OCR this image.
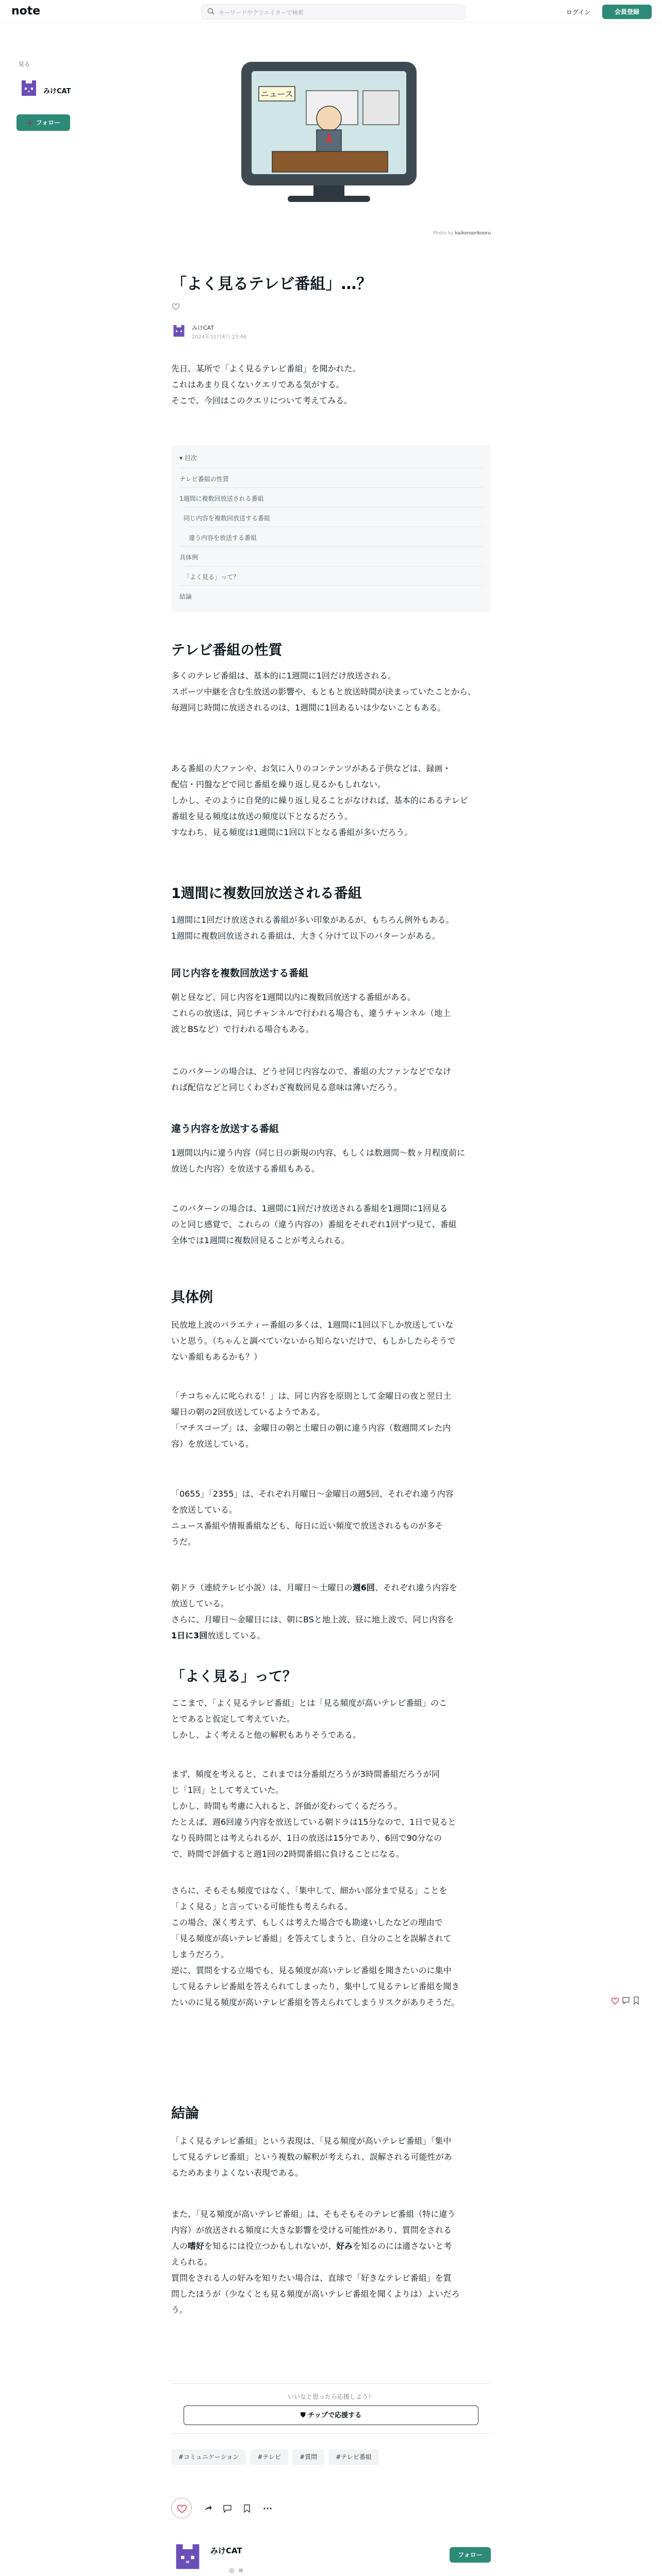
note	キーワードやクリエイターで検索	ログイン	会員登録
見る
みけCAT
➕ フォロー
ニュース
Photo by kaikoroorikooru
「よく見るテレビ番組」…？
みけCAT
2024年11月4日 23:46
先日、某所で「よく見るテレビ番組」を聞かれた。
これはあまり良くないクエリである気がする。
そこで、今回はこのクエリについて考えてみる。
▾ 目次
テレビ番組の性質
1週間に複数回放送される番組
同じ内容を複数回放送する番組
違う内容を放送する番組
具体例
「よく見る」って？
結論
テレビ番組の性質
多くのテレビ番組は、基本的に1週間に1回だけ放送される。
スポーツ中継を含む生放送の影響や、もともと放送時間が決まっていたことから、
毎週同じ時間に放送されるのは、1週間に1回あるいは少ないこともある。
ある番組の大ファンや、お気に入りのコンテンツがある子供などは、録画・
配信・円盤などで同じ番組を繰り返し見るかもしれない。
しかし、そのように自発的に繰り返し見ることがなければ、基本的にあるテレビ
番組を見る頻度は放送の頻度以下となるだろう。
すなわち、見る頻度は1週間に1回以下となる番組が多いだろう。
1週間に複数回放送される番組
1週間に1回だけ放送される番組が多い印象があるが、もちろん例外もある。
1週間に複数回放送される番組は、大きく分けて以下のパターンがある。
同じ内容を複数回放送する番組
朝と昼など、同じ内容を1週間以内に複数回放送する番組がある。
これらの放送は、同じチャンネルで行われる場合も、違うチャンネル（地上
波とBSなど）で行われる場合もある。
このパターンの場合は、どうせ同じ内容なので、番組の大ファンなどでなけ
れば配信などと同じくわざわざ複数回見る意味は薄いだろう。
違う内容を放送する番組
1週間以内に違う内容（同じ日の新規の内容、もしくは数週間〜数ヶ月程度前に
放送した内容）を放送する番組もある。
このパターンの場合は、1週間に1回だけ放送される番組を1週間に1回見る
のと同じ感覚で、これらの（違う内容の）番組をそれぞれ1回ずつ見て、番組
全体では1週間に複数回見ることが考えられる。
具体例
民放地上波のバラエティー番組の多くは、1週間に1回以下しか放送していな
いと思う。（ちゃんと調べていないから知らないだけで、もしかしたらそうで
ない番組もあるかも？）
「チコちゃんに叱られる！」は、同じ内容を原則として金曜日の夜と翌日土
曜日の朝の2回放送しているようである。
「マチスコープ」は、金曜日の朝と土曜日の朝に違う内容（数週間ズレた内
容）を放送している。
「0655」「2355」は、それぞれ月曜日〜金曜日の週5回、それぞれ違う内容
を放送している。
ニュース番組や情報番組なども、毎日に近い頻度で放送されるものが多そ
うだ。
朝ドラ（連続テレビ小説）は、月曜日〜土曜日の週6回、それぞれ違う内容を
放送している。
さらに、月曜日〜金曜日には、朝にBSと地上波、昼に地上波で、同じ内容を
1日に3回放送している。
「よく見る」って？
ここまで、「よく見るテレビ番組」とは「見る頻度が高いテレビ番組」のこ
とであると仮定して考えていた。
しかし、よく考えると他の解釈もありそうである。
まず、頻度を考えると、これまでは分番組だろうが3時間番組だろうが同
じ「1回」として考えていた。
しかし、時間も考慮に入れると、評価が変わってくるだろう。
たとえば、週6回違う内容を放送している朝ドラは15分なので、1日で見ると
なり長時間とは考えられるが、1日の放送は15分であり、6回で90分なの
で、時間で評価すると週1回の2時間番組に負けることになる。
さらに、そもそも頻度ではなく、「集中して、細かい部分まで見る」ことを
「よく見る」と言っている可能性も考えられる。
この場合、深く考えず、もしくは考えた場合でも勘違いしたなどの理由で
「見る頻度が高いテレビ番組」を答えてしまうと、自分のことを誤解されて
しまうだろう。
逆に、質問をする立場でも、見る頻度が高いテレビ番組を聞きたいのに集中
して見るテレビ番組を答えられてしまったり、集中して見るテレビ番組を聞き
たいのに見る頻度が高いテレビ番組を答えられてしまうリスクがありそうだ。
結論
「よく見るテレビ番組」という表現は、「見る頻度が高いテレビ番組」「集中
して見るテレビ番組」という複数の解釈が考えられ、誤解される可能性があ
るためあまりよくない表現である。
また、「見る頻度が高いテレビ番組」は、そもそもそのテレビ番組（特に違う
内容）が放送される頻度に大きな影響を受ける可能性があり、質問をされる
人の嗜好を知るには役立つかもしれないが、好みを知るのには適さないと考
えられる。
質問をされる人の好みを知りたい場合は、直球で「好きなテレビ番組」を質
問したほうが（少なくとも見る頻度が高いテレビ番組を聞くよりは）よいだろ
う。
いいなと思ったら応援しよう！
⛊ チップで応援する
#コミュニケーション	#テレビ	#質問	#テレビ番組
みけCAT	フォロー
◎ ≋
